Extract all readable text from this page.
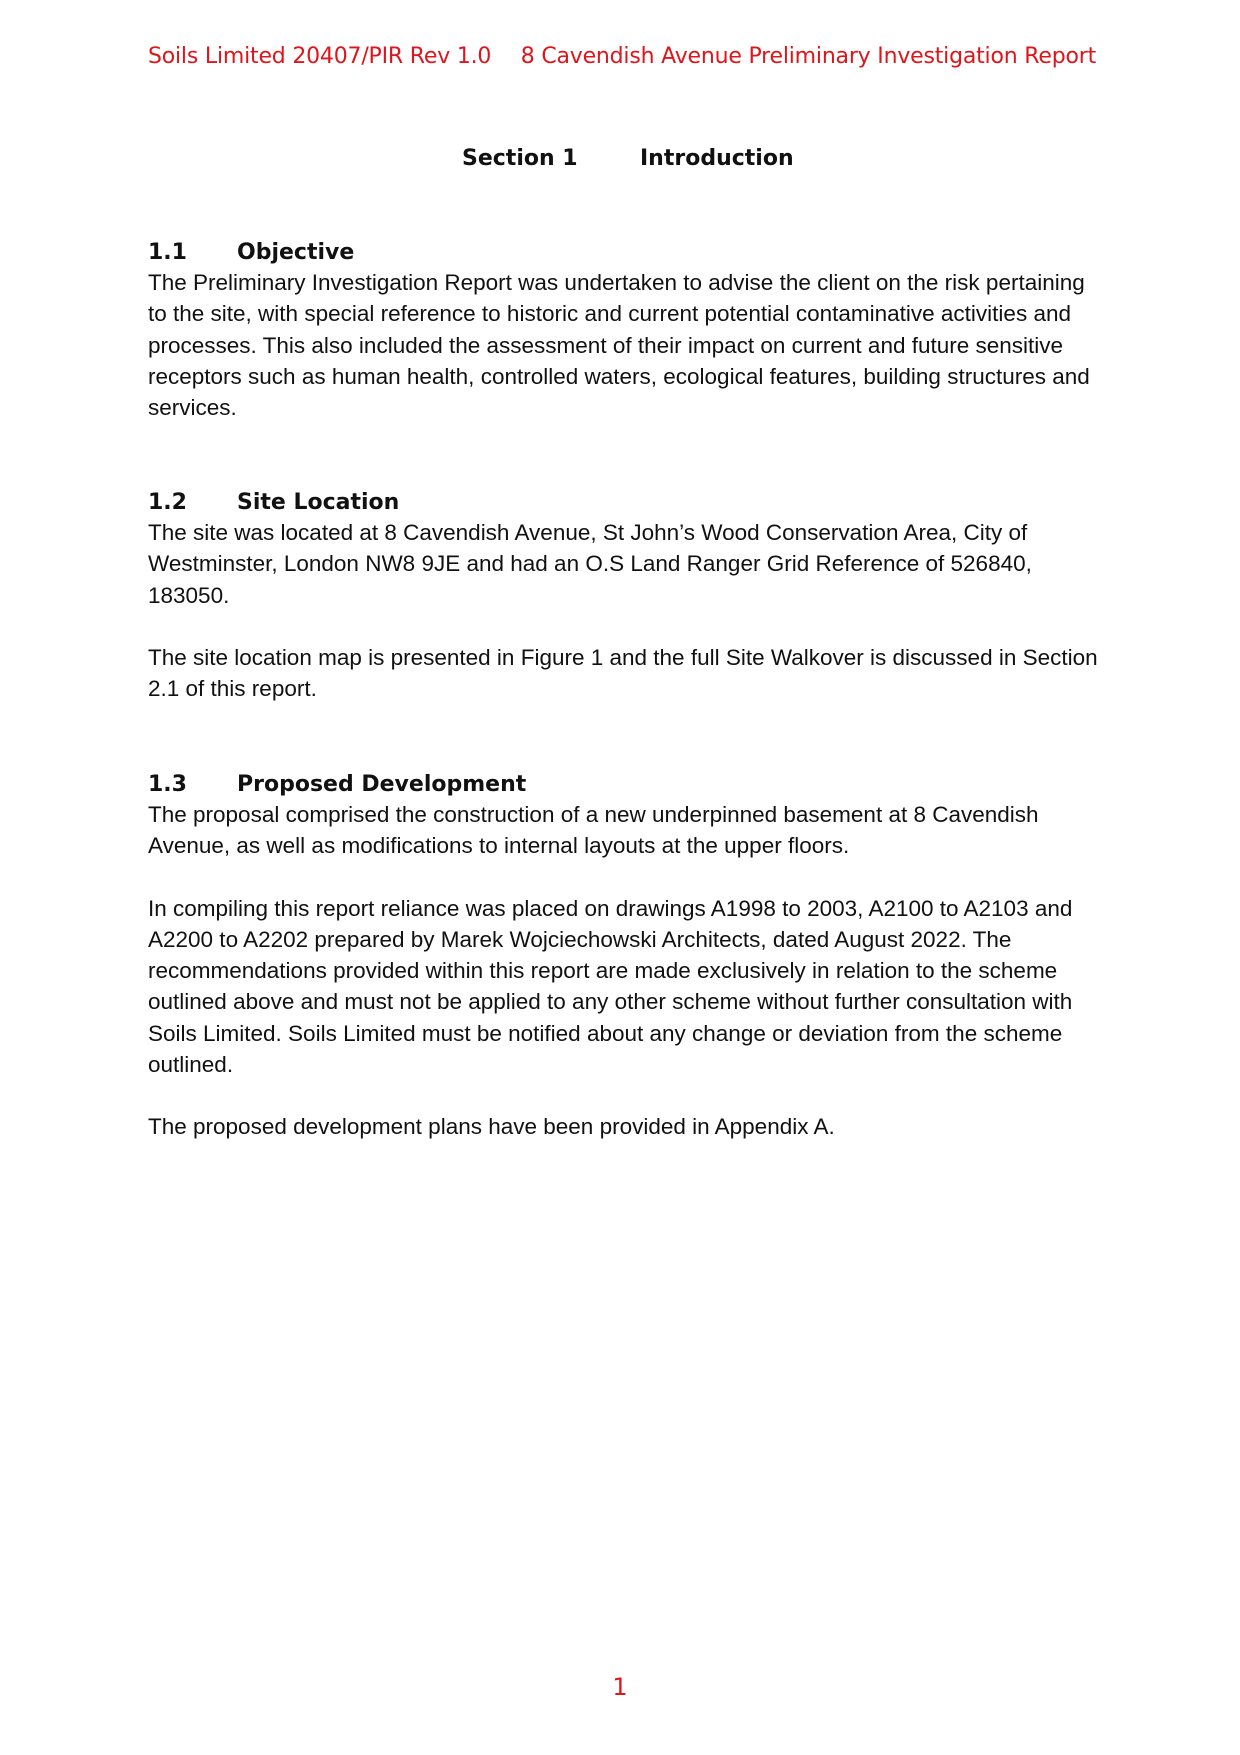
Soils Limited 20407/PIR Rev 1.0 8 Cavendish Avenue Preliminary Investigation Report
Section 1	Introduction
1.1 Objective

The Preliminary Investigation Report was undertaken to advise the client on the risk pertaining to the site, with special reference to historic and current potential contaminative activities and processes. This also included the assessment of their impact on current and future sensitive receptors such as human health, controlled waters, ecological features, building structures and services.

1.2 Site Location

The site was located at 8 Cavendish Avenue, St John’s Wood Conservation Area, City of Westminster, London NW8 9JE and had an O.S Land Ranger Grid Reference of 526840, 183050.

The site location map is presented in Figure 1 and the full Site Walkover is discussed in Section 2.1 of this report.

1.3 Proposed Development

The proposal comprised the construction of a new underpinned basement at 8 Cavendish Avenue, as well as modifications to internal layouts at the upper floors.

In compiling this report reliance was placed on drawings A1998 to 2003, A2100 to A2103 and A2200 to A2202 prepared by Marek Wojciechowski Architects, dated August 2022. The recommendations provided within this report are made exclusively in relation to the scheme outlined above and must not be applied to any other scheme without further consultation with Soils Limited. Soils Limited must be notified about any change or deviation from the scheme outlined.

The proposed development plans have been provided in Appendix A.

1
